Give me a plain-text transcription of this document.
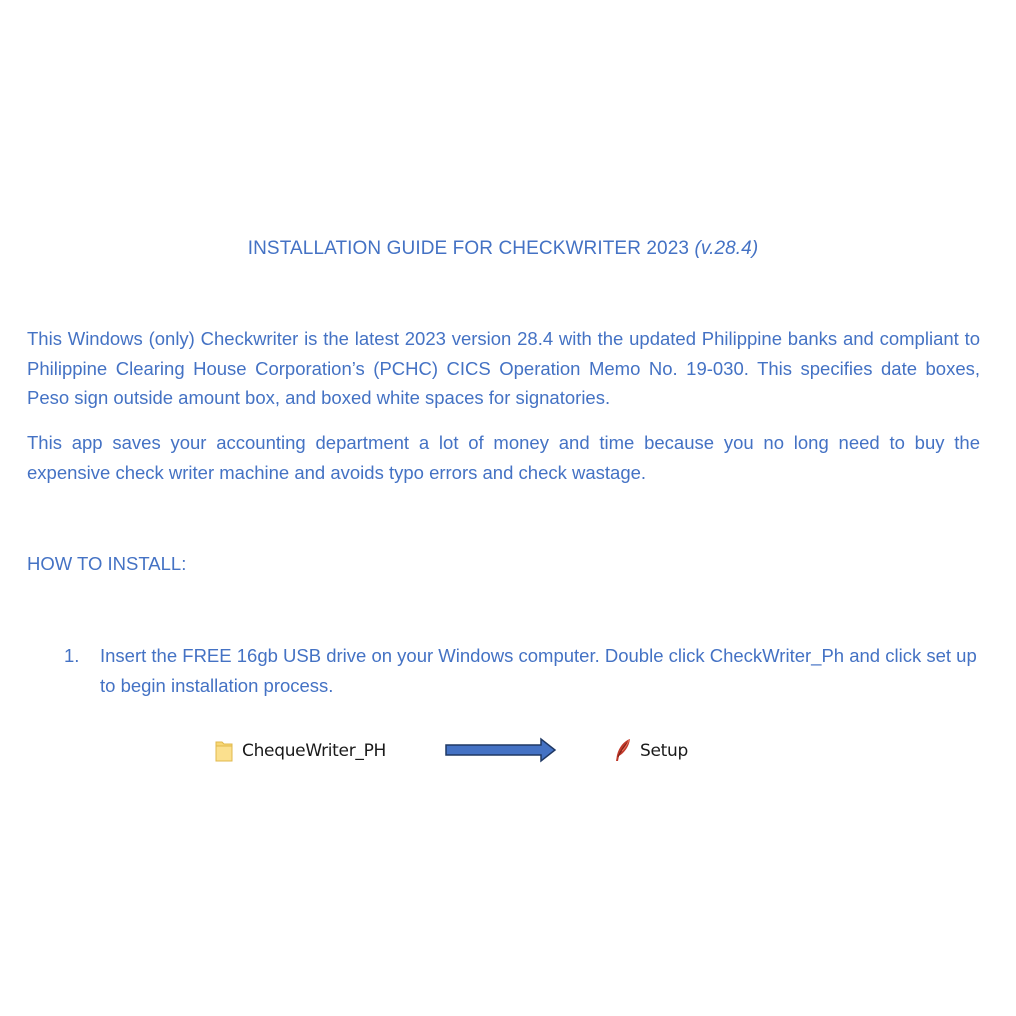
INSTALLATION GUIDE FOR CHECKWRITER 2023 (v.28.4)

This Windows (only) Checkwriter is the latest 2023 version 28.4 with the updated Philippine banks and compliant to Philippine Clearing House Corporation’s (PCHC) CICS Operation Memo No. 19-030. This specifies date boxes, Peso sign outside amount box, and boxed white spaces for signatories.

This app saves your accounting department a lot of money and time because you no long need to buy the expensive check writer machine and avoids typo errors and check wastage.

HOW TO INSTALL:
1. Insert the FREE 16gb USB drive on your Windows computer. Double click CheckWriter_Ph and click set up to begin installation process.
ChequeWriter_PH	Setup
